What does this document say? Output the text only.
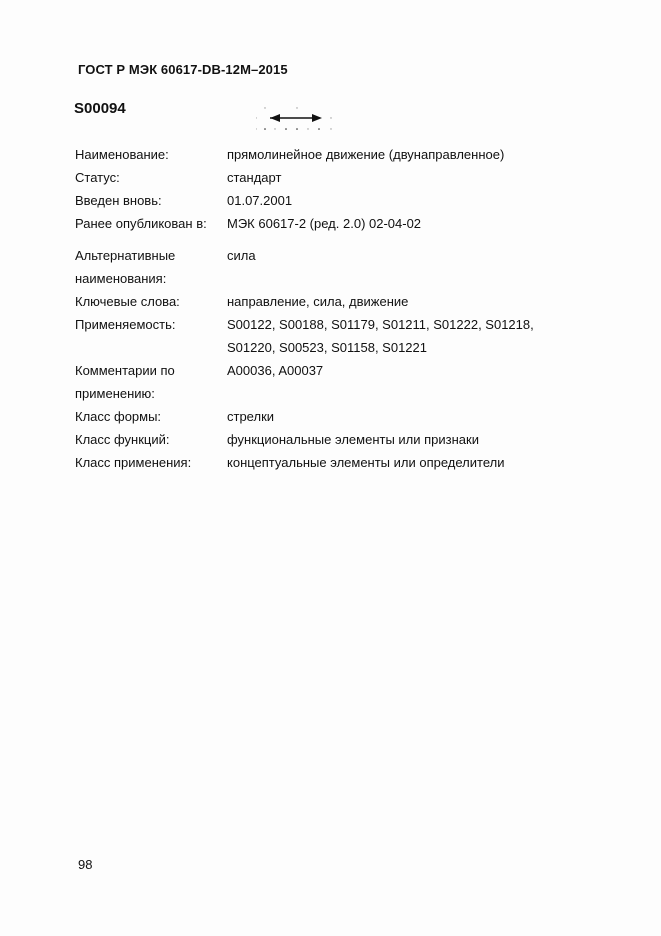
ГОСТ Р МЭК 60617-DB-12M–2015
S00094
Наименование:	прямолинейное движение (двунаправленное)
Статус:	стандарт
Введен вновь:	01.07.2001
Ранее опубликован в:	МЭК 60617-2 (ред. 2.0) 02-04-02
Альтернативные	сила
наименования:
Ключевые слова:	направление, сила, движение
Применяемость:	S00122, S00188, S01179, S01211, S01222, S01218,
S01220, S00523, S01158, S01221
Комментарии по	A00036, A00037
применению:
Класс формы:	стрелки
Класс функций:	функциональные элементы или признаки
Класс применения:	концептуальные элементы или определители
98
